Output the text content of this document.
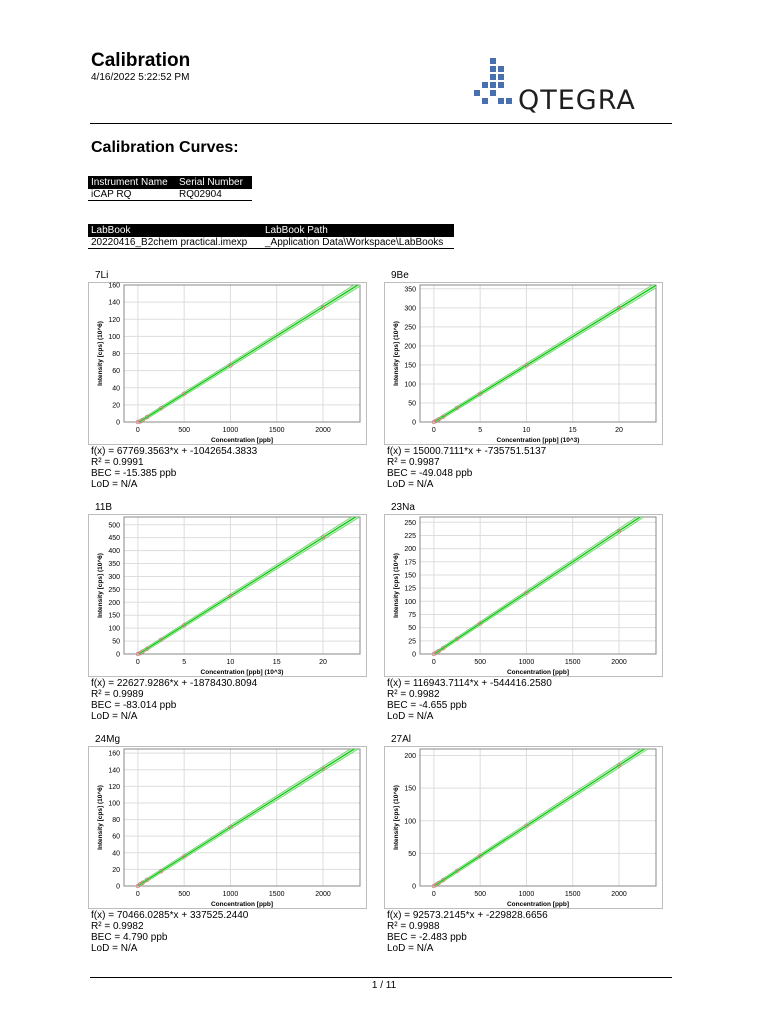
Calibration
4/16/2022 5:22:52 PM
QTEGRA
Calibration Curves:
Instrument Name	Serial Number
iCAP RQ	RQ02904
LabBook	LabBook Path
20220416_B2chem practical.imexp	_Application Data\Workspace\LabBooks
7Li
0	500	1000	1500	2000
0
20
40
60
80
100
120
140
160
Concentration [ppb]
Intensity [cps] (10^6)
f(x) = 67769.3563*x + -1042654.3833
R² = 0.9991
BEC = -15.385 ppb
LoD = N/A
9Be
0	5	10	15	20
0
50
100
150
200
250
300
350
Concentration [ppb] (10^3)
Intensity [cps] (10^6)
f(x) = 15000.7111*x + -735751.5137
R² = 0.9987
BEC = -49.048 ppb
LoD = N/A
11B
0	5	10	15	20
0
50
100
150
200
250
300
350
400
450
500
Concentration [ppb] (10^3)
Intensity [cps] (10^6)
f(x) = 22627.9286*x + -1878430.8094
R² = 0.9989
BEC = -83.014 ppb
LoD = N/A
23Na
0	500	1000	1500	2000
0
25
50
75
100
125
150
175
200
225
250
Concentration [ppb]
Intensity [cps] (10^6)
f(x) = 116943.7114*x + -544416.2580
R² = 0.9982
BEC = -4.655 ppb
LoD = N/A
24Mg
0	500	1000	1500	2000
0
20
40
60
80
100
120
140
160
Concentration [ppb]
Intensity [cps] (10^6)
f(x) = 70466.0285*x + 337525.2440
R² = 0.9982
BEC = 4.790 ppb
LoD = N/A
27Al
0	500	1000	1500	2000
0
50
100
150
200
Concentration [ppb]
Intensity [cps] (10^6)
f(x) = 92573.2145*x + -229828.6656
R² = 0.9988
BEC = -2.483 ppb
LoD = N/A
1 / 11
